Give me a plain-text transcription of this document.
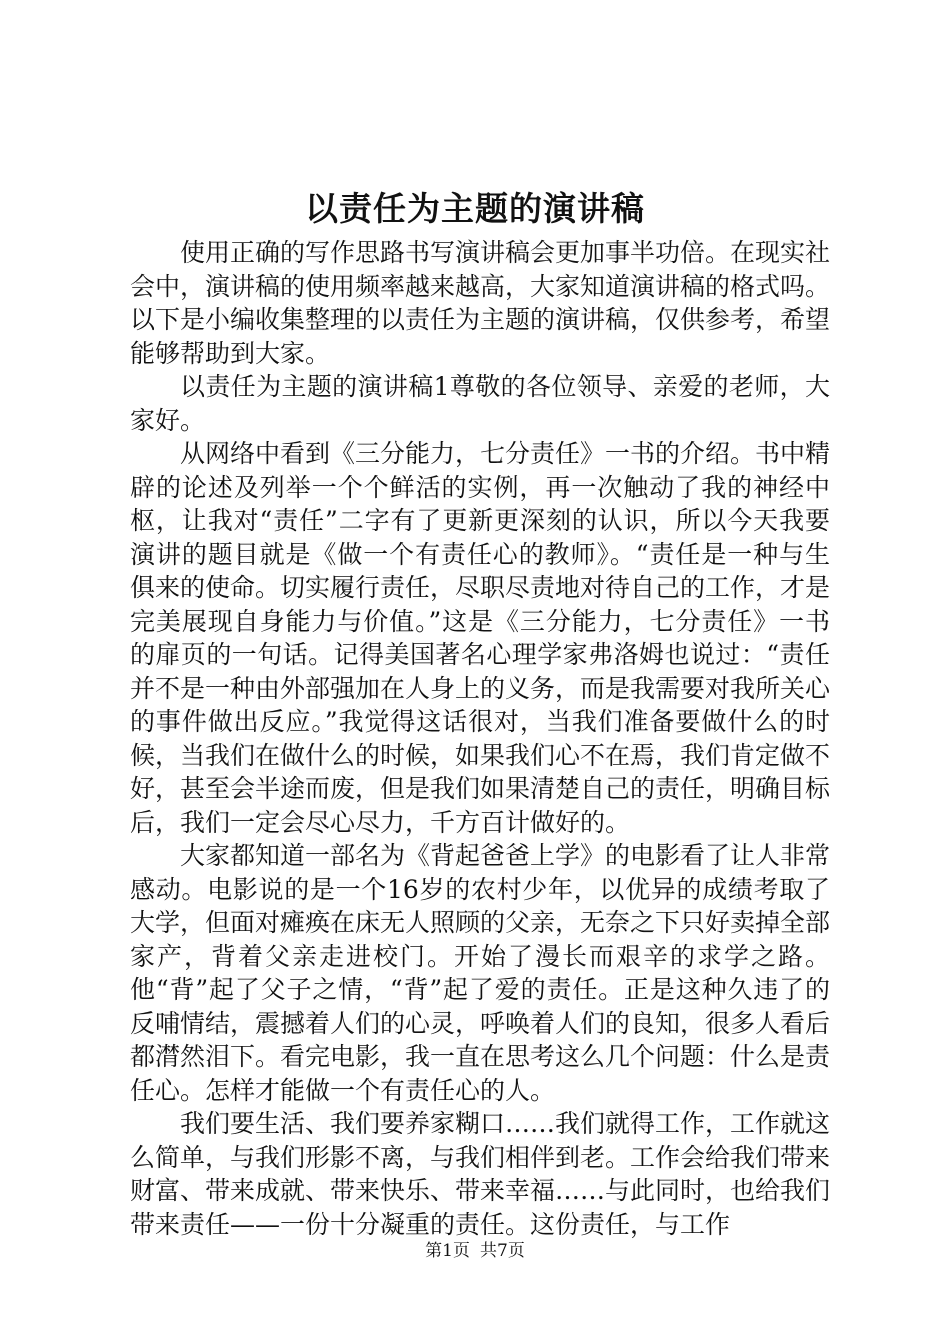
以责任为主题的演讲稿

使用正确的写作思路书写演讲稿会更加事半功倍。在现实社会中，演讲稿的使用频率越来越高，大家知道演讲稿的格式吗。以下是小编收集整理的以责任为主题的演讲稿，仅供参考，希望能够帮助到大家。

以责任为主题的演讲稿1尊敬的各位领导、亲爱的老师，大家好。

从网络中看到《三分能力，七分责任》一书的介绍。书中精辟的论述及列举一个个鲜活的实例，再一次触动了我的神经中枢，让我对“责任”二字有了更新更深刻的认识，所以今天我要演讲的题目就是《做一个有责任心的教师》。“责任是一种与生俱来的使命。切实履行责任，尽职尽责地对待自己的工作，才是完美展现自身能力与价值。”这是《三分能力，七分责任》一书的扉页的一句话。记得美国著名心理学家弗洛姆也说过：“责任并不是一种由外部强加在人身上的义务，而是我需要对我所关心的事件做出反应。”我觉得这话很对，当我们准备要做什么的时候，当我们在做什么的时候，如果我们心不在焉，我们肯定做不好，甚至会半途而废，但是我们如果清楚自己的责任，明确目标后，我们一定会尽心尽力，千方百计做好的。

大家都知道一部名为《背起爸爸上学》的电影看了让人非常感动。电影说的是一个16岁的农村少年，以优异的成绩考取了大学，但面对瘫痪在床无人照顾的父亲，无奈之下只好卖掉全部家产，背着父亲走进校门。开始了漫长而艰辛的求学之路。他“背”起了父子之情，“背”起了爱的责任。正是这种久违了的反哺情结，震撼着人们的心灵，呼唤着人们的良知，很多人看后都潸然泪下。看完电影，我一直在思考这么几个问题：什么是责任心。怎样才能做一个有责任心的人。

我们要生活、我们要养家糊口……我们就得工作，工作就这么简单，与我们形影不离，与我们相伴到老。工作会给我们带来财富、带来成就、带来快乐、带来幸福……与此同时，也给我们带来责任——一份十分凝重的责任。这份责任，与工作

第1页 共7页
